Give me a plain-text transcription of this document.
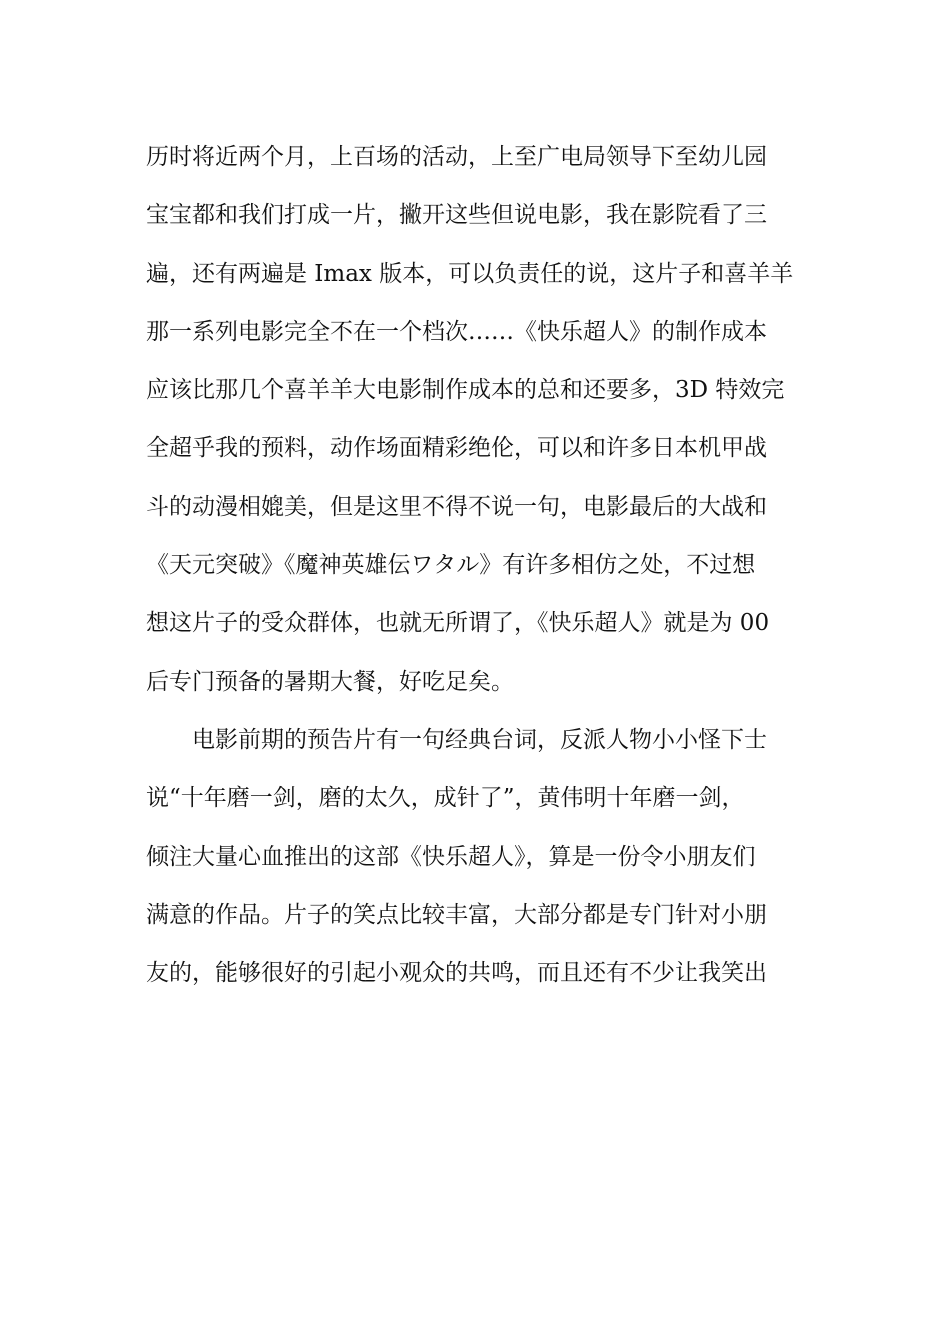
历时将近两个月，上百场的活动，上至广电局领导下至幼儿园
宝宝都和我们打成一片，撇开这些但说电影，我在影院看了三
遍，还有两遍是 Imax 版本，可以负责任的说，这片子和喜羊羊
那一系列电影完全不在一个档次……《快乐超人》的制作成本
应该比那几个喜羊羊大电影制作成本的总和还要多，3D 特效完
全超乎我的预料，动作场面精彩绝伦，可以和许多日本机甲战
斗的动漫相媲美，但是这里不得不说一句，电影最后的大战和
《天元突破》《魔神英雄伝ワタル》有许多相仿之处，不过想
想这片子的受众群体，也就无所谓了，《快乐超人》就是为 00
后专门预备的暑期大餐，好吃足矣。
　　电影前期的预告片有一句经典台词，反派人物小小怪下士
说“十年磨一剑，磨的太久，成针了”，黄伟明十年磨一剑，
倾注大量心血推出的这部《快乐超人》，算是一份令小朋友们
满意的作品。片子的笑点比较丰富，大部分都是专门针对小朋
友的，能够很好的引起小观众的共鸣，而且还有不少让我笑出
